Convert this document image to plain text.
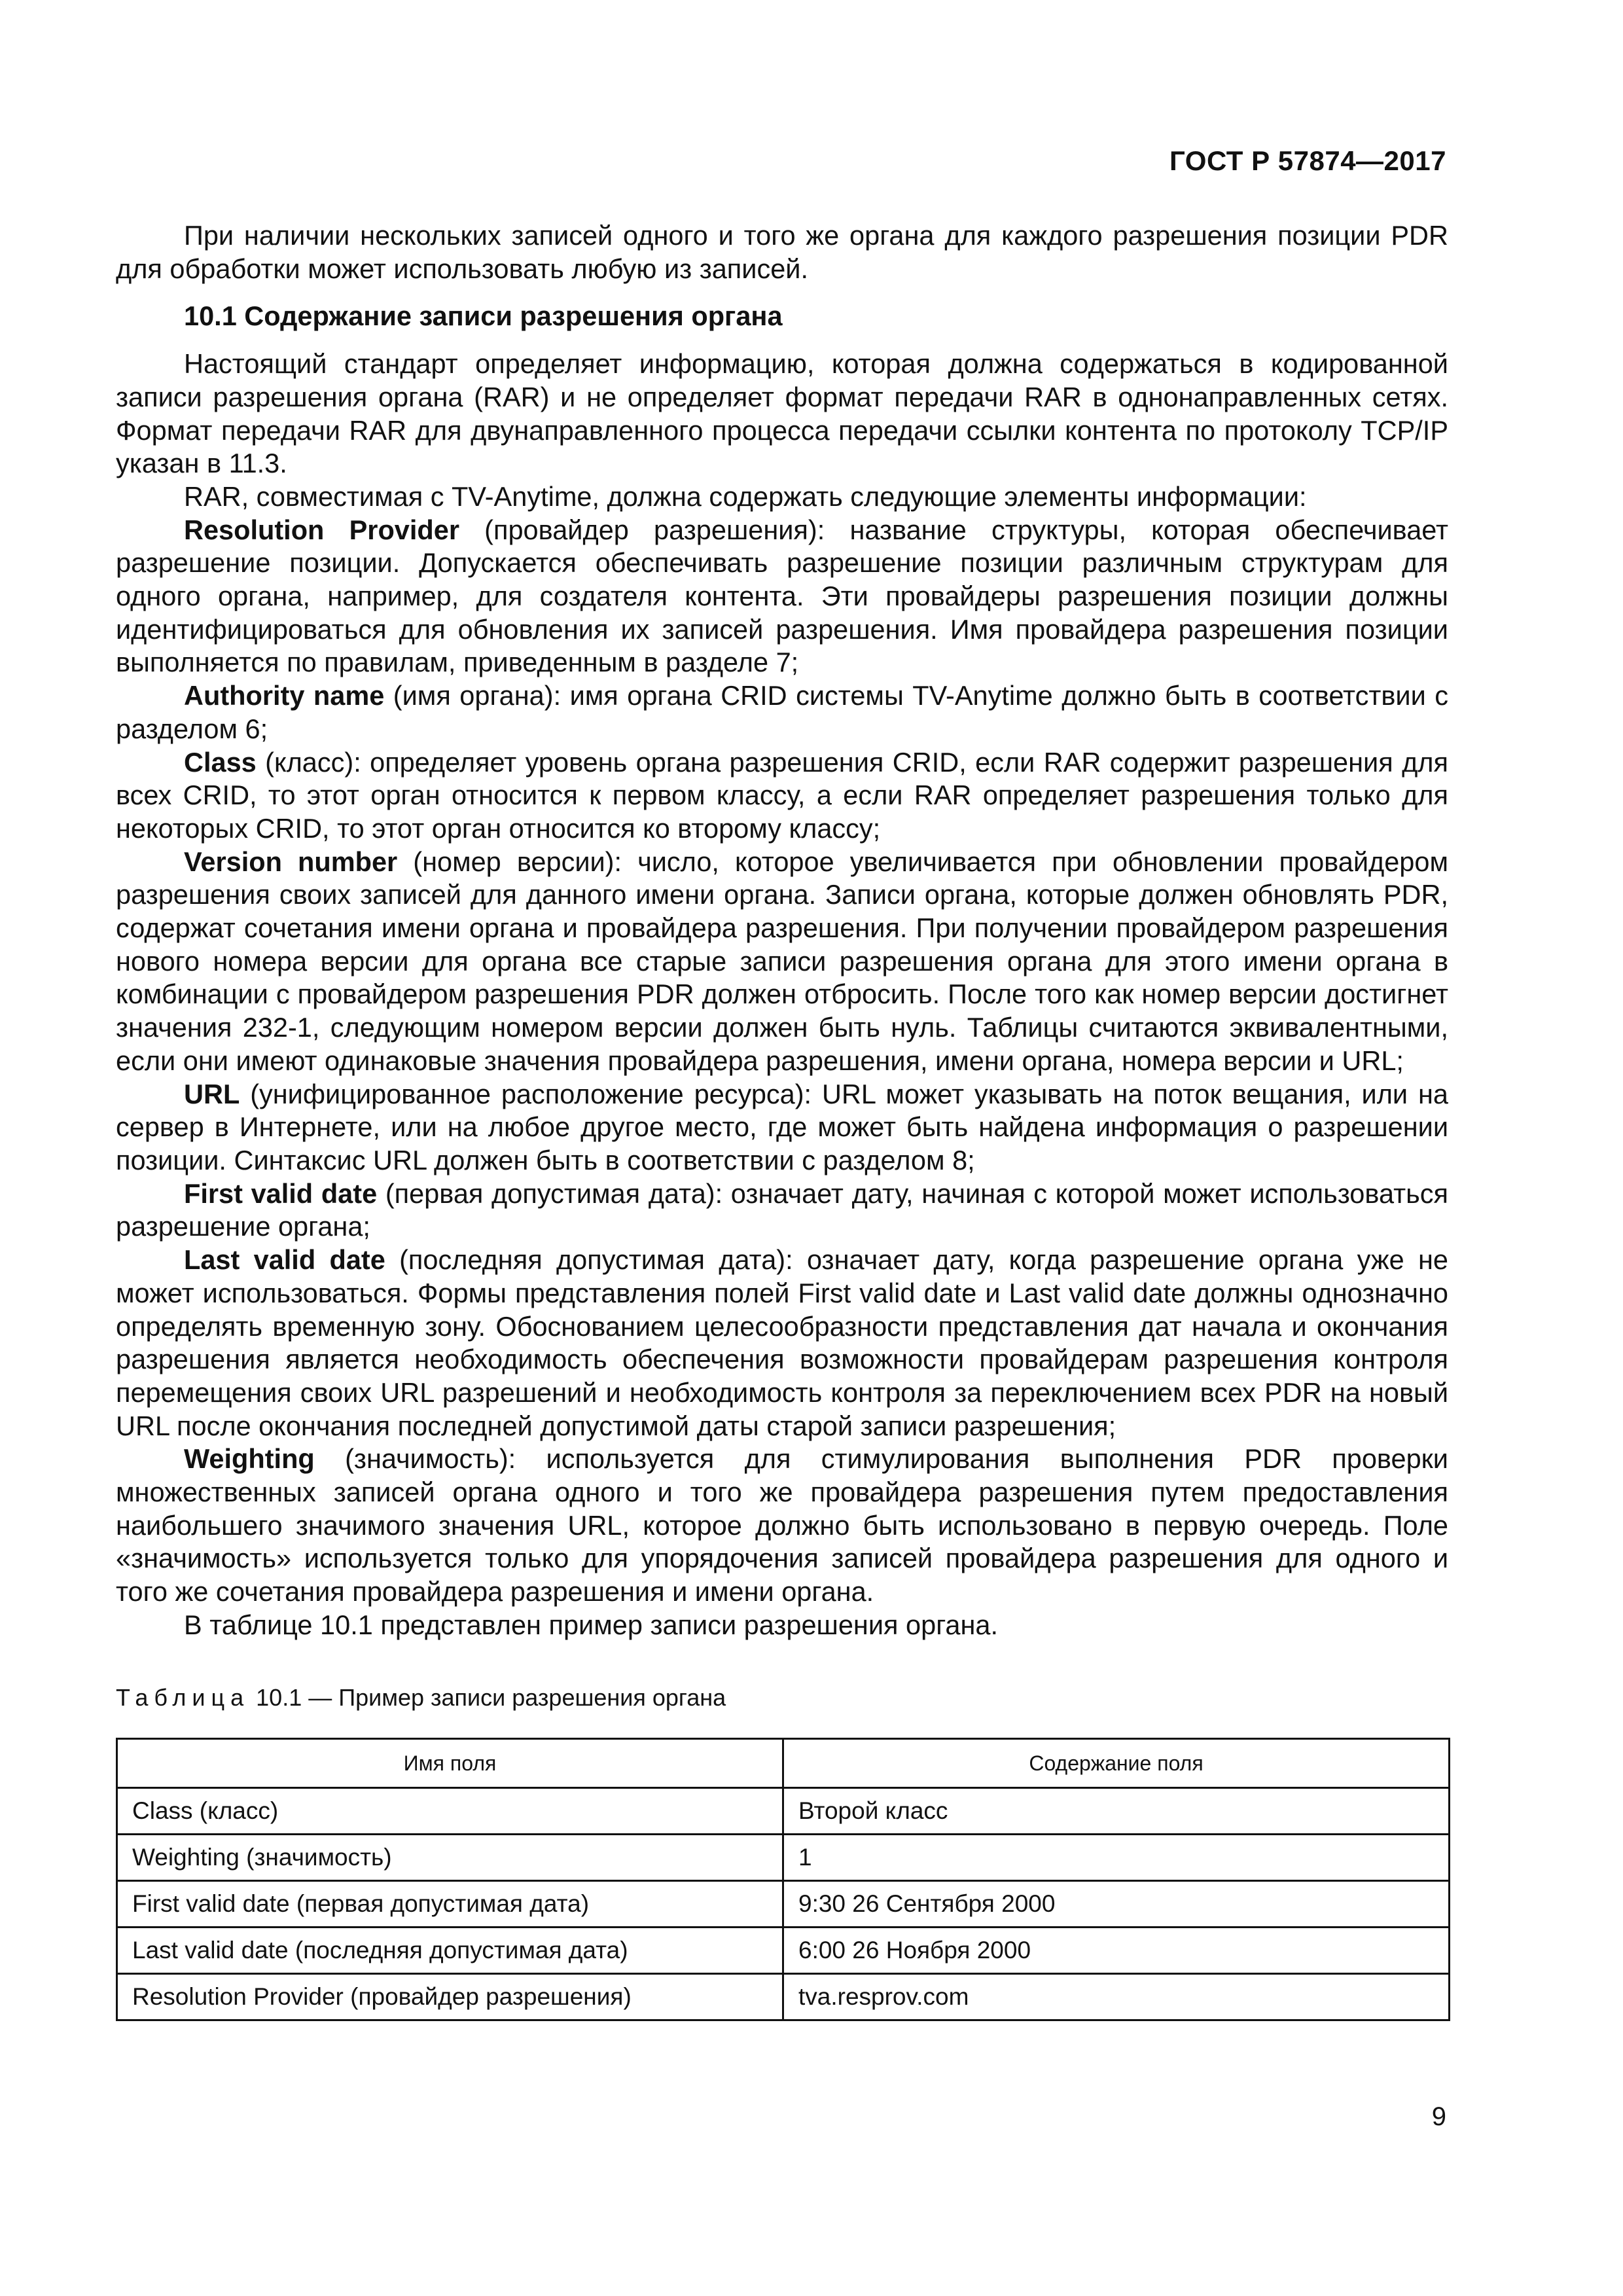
ГОСТ Р 57874—2017

При наличии нескольких записей одного и того же органа для каждого разрешения позиции PDR для обработки может использовать любую из записей.

10.1 Содержание записи разрешения органа

Настоящий стандарт определяет информацию, которая должна содержаться в кодированной записи разрешения органа (RAR) и не определяет формат передачи RAR в однонаправленных сетях. Формат передачи RAR для двунаправленного процесса передачи ссылки контента по протоколу TCP/IP указан в 11.3.

RAR, совместимая с TV-Anytime, должна содержать следующие элементы информации:

Resolution Provider (провайдер разрешения): название структуры, которая обеспечивает разрешение позиции. Допускается обеспечивать разрешение позиции различным структурам для одного органа, например, для создателя контента. Эти провайдеры разрешения позиции должны идентифицироваться для обновления их записей разрешения. Имя провайдера разрешения позиции выполняется по правилам, приведенным в разделе 7;

Authority name (имя органа): имя органа CRID системы TV-Anytime должно быть в соответствии с разделом 6;

Class (класс): определяет уровень органа разрешения CRID, если RAR содержит разрешения для всех CRID, то этот орган относится к первом классу, а если RAR определяет разрешения только для некоторых CRID, то этот орган относится ко второму классу;

Version number (номер версии): число, которое увеличивается при обновлении провайдером разрешения своих записей для данного имени органа. Записи органа, которые должен обновлять PDR, содержат сочетания имени органа и провайдера разрешения. При получении провайдером разрешения нового номера версии для органа все старые записи разрешения органа для этого имени органа в комбинации с провайдером разрешения PDR должен отбросить. После того как номер версии достигнет значения 232-1, следующим номером версии должен быть нуль. Таблицы считаются эквивалентными, если они имеют одинаковые значения провайдера разрешения, имени органа, номера версии и URL;

URL (унифицированное расположение ресурса): URL может указывать на поток вещания, или на сервер в Интернете, или на любое другое место, где может быть найдена информация о разрешении позиции. Синтаксис URL должен быть в соответствии с разделом 8;

First valid date (первая допустимая дата): означает дату, начиная с которой может использоваться разрешение органа;

Last valid date (последняя допустимая дата): означает дату, когда разрешение органа уже не может использоваться. Формы представления полей First valid date и Last valid date должны однозначно определять временную зону. Обоснованием целесообразности представления дат начала и окончания разрешения является необходимость обеспечения возможности провайдерам разрешения контроля перемещения своих URL разрешений и необходимость контроля за переключением всех PDR на новый URL после окончания последней допустимой даты старой записи разрешения;

Weighting (значимость): используется для стимулирования выполнения PDR проверки множественных записей органа одного и того же провайдера разрешения путем предоставления наибольшего значимого значения URL, которое должно быть использовано в первую очередь. Поле «значимость» используется только для упорядочения записей провайдера разрешения для одного и того же сочетания провайдера разрешения и имени органа.

В таблице 10.1 представлен пример записи разрешения органа.

Таблица 10.1 — Пример записи разрешения органа
Имя поля	Содержание поля
Class (класс)	Второй класс
Weighting (значимость)	1
First valid date (первая допустимая дата)	9:30 26 Сентября 2000
Last valid date (последняя допустимая дата)	6:00 26 Ноября 2000
Resolution Provider (провайдер разрешения)	tva.resprov.com
9
